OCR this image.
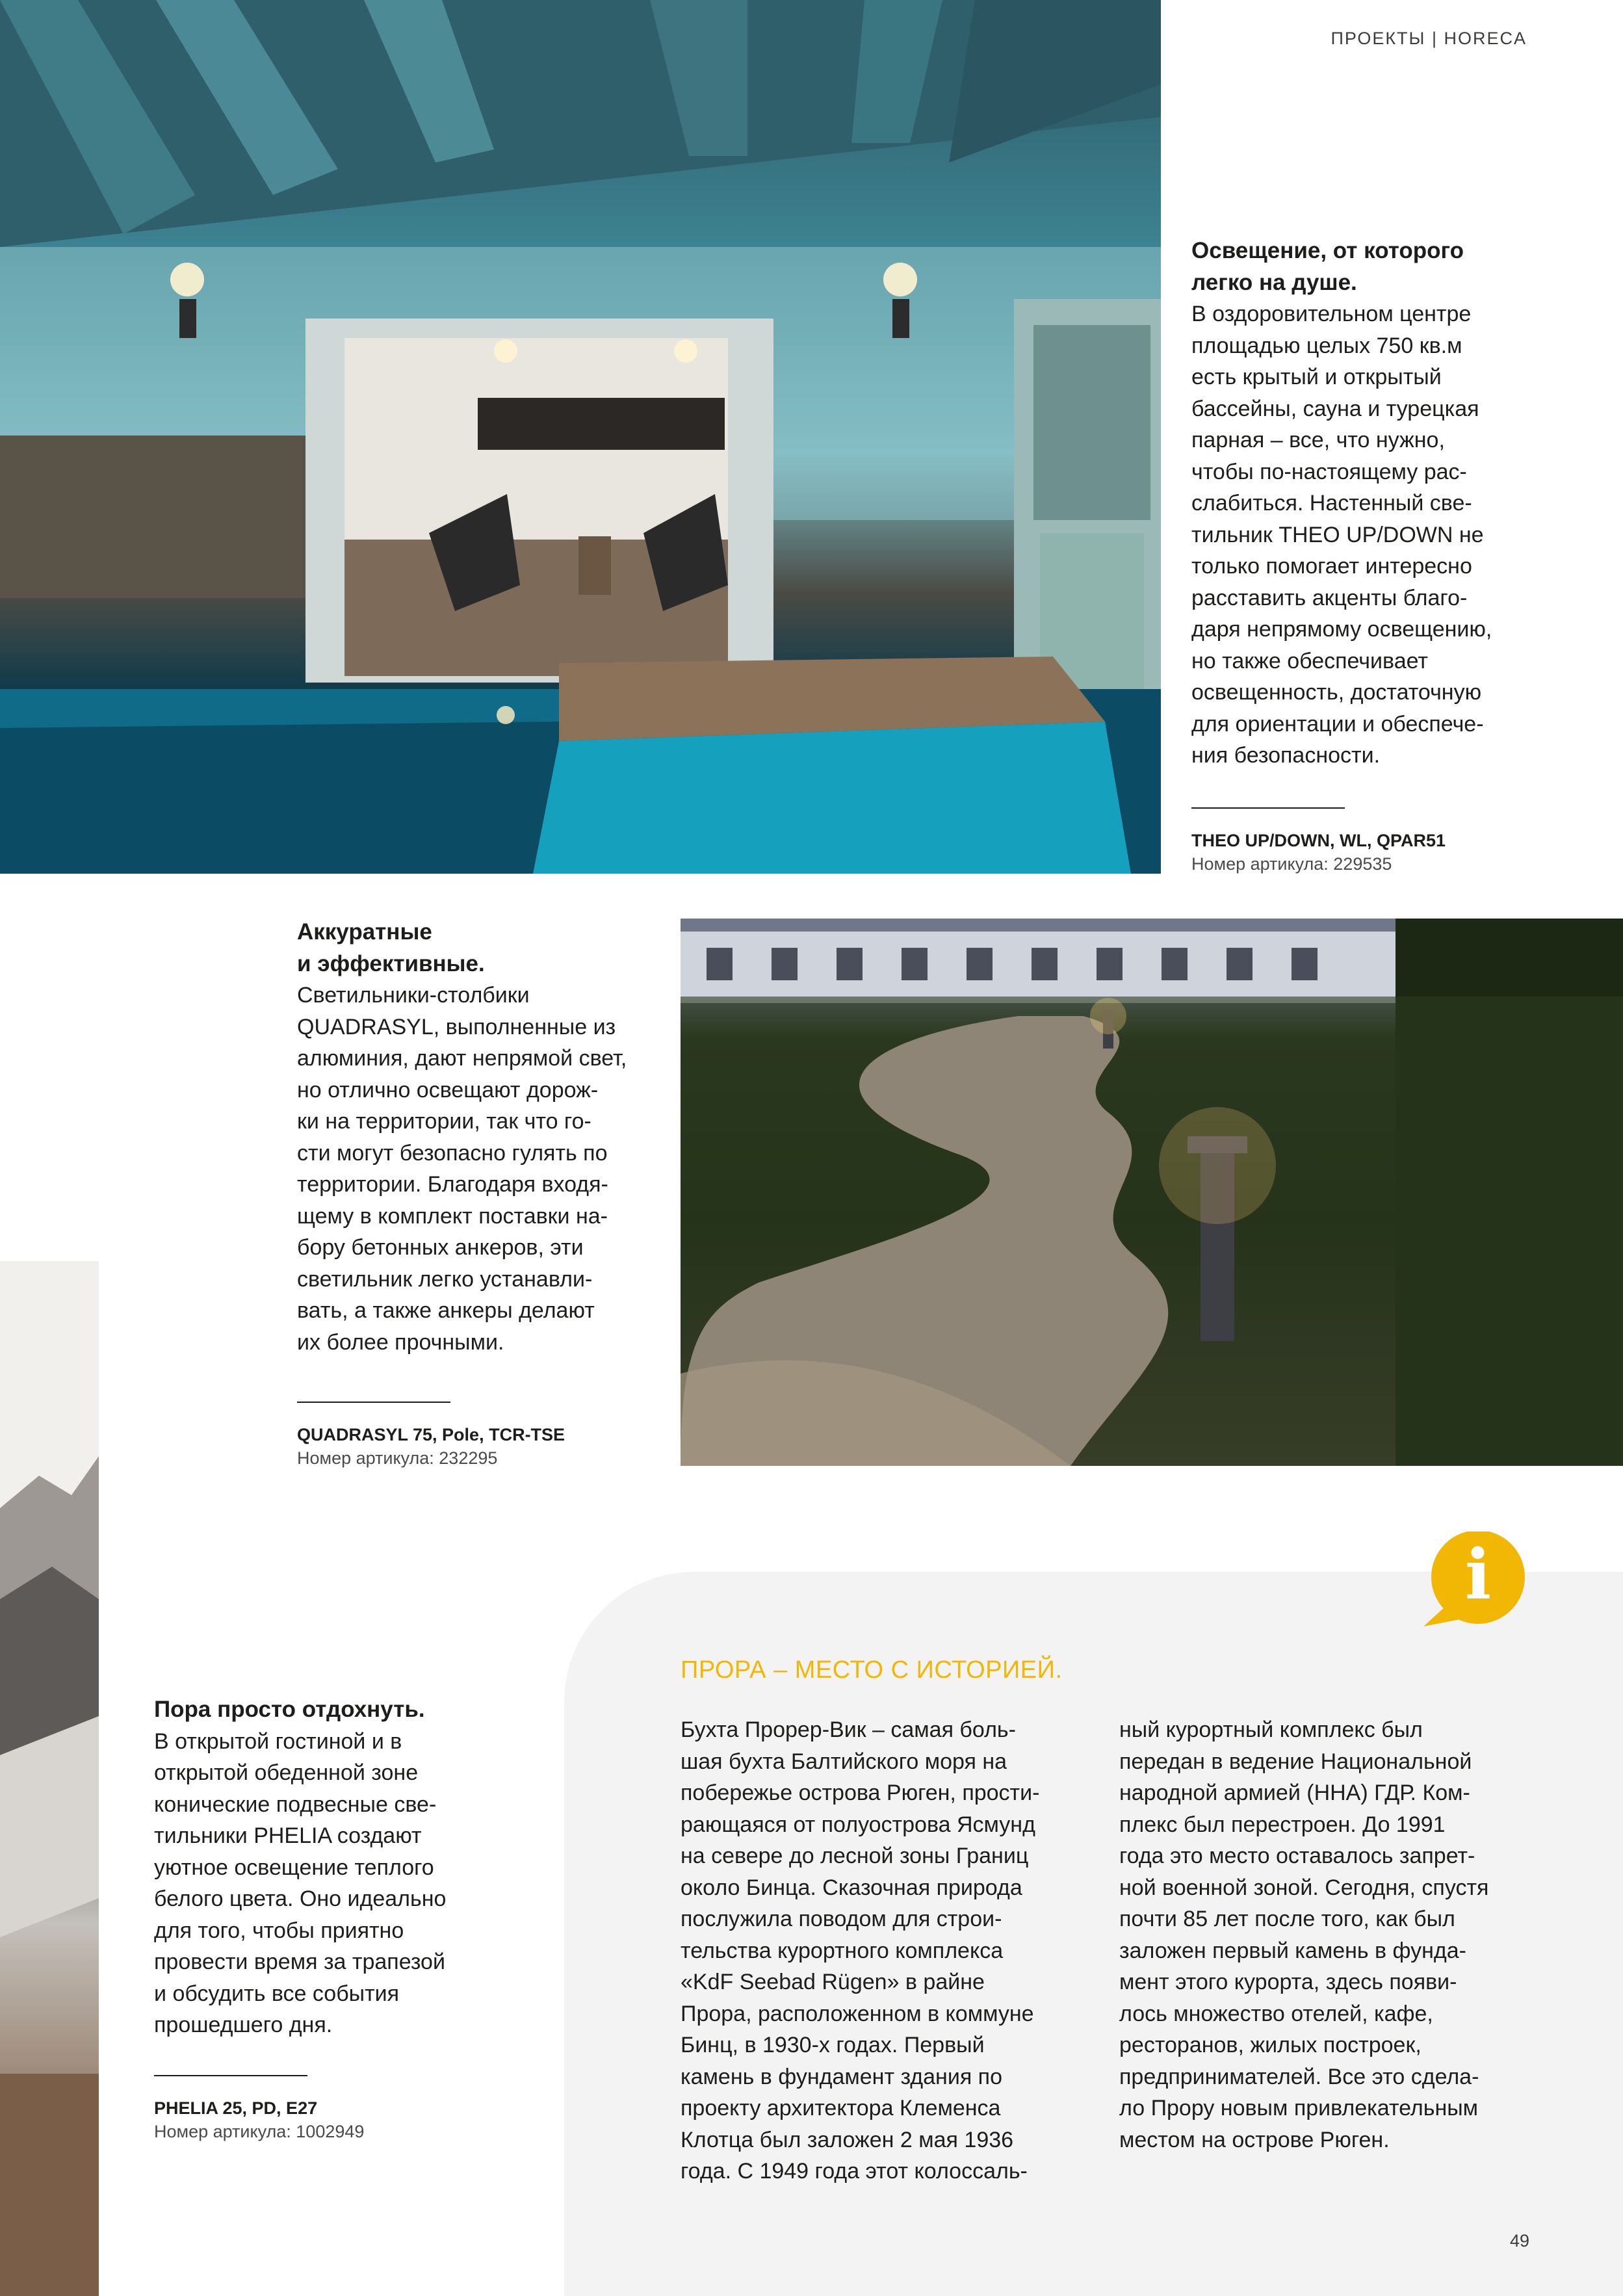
ПРОЕКТЫ | HORECA
Освещение, от которого
легко на душе.

В оздоровительном центре
площадью целых 750 кв.м
есть крытый и открытый
бассейны, сауна и турецкая
парная – все, что нужно,
чтобы по-настоящему рас-
слабиться. Настенный све-
тильник THEO UP/DOWN не
только помогает интересно
расставить акценты благо-
даря непрямому освещению,
но также обеспечивает
освещенность, достаточную
для ориентации и обеспече-
ния безопасности.

THEO UP/DOWN, WL, QPAR51
Номер артикула: 229535
Аккуратные
и эффективные.

Светильники-столбики
QUADRASYL, выполненные из
алюминия, дают непрямой свет,
но отлично освещают дорож-
ки на территории, так что го-
сти могут безопасно гулять по
территории. Благодаря входя-
щему в комплект поставки на-
бору бетонных анкеров, эти
светильник легко устанавли-
вать, а также анкеры делают
их более прочными.

QUADRASYL 75, Pole, TCR-TSE
Номер артикула: 232295
i
ПРОРА – МЕСТО С ИСТОРИЕЙ.

Бухта Прорер-Вик – самая боль-
шая бухта Балтийского моря на
побережье острова Рюген, прости-
рающаяся от полуострова Ясмунд
на севере до лесной зоны Границ
около Бинца. Сказочная природа
послужила поводом для строи-
тельства курортного комплекса
«KdF Seebad Rügen» в райне
Прора, расположенном в коммуне
Бинц, в 1930-х годах. Первый
камень в фундамент здания по
проекту архитектора Клеменса
Клотца был заложен 2 мая 1936
года. С 1949 года этот колоссаль-

ный курортный комплекс был
передан в ведение Национальной
народной армией (ННА) ГДР. Ком-
плекс был перестроен. До 1991
года это место оставалось запрет-
ной военной зоной. Сегодня, спустя
почти 85 лет после того, как был
заложен первый камень в фунда-
мент этого курорта, здесь появи-
лось множество отелей, кафе,
ресторанов, жилых построек,
предпринимателей. Все это сдела-
ло Прору новым привлекательным
местом на острове Рюген.

Пора просто отдохнуть.

В открытой гостиной и в
открытой обеденной зоне
конические подвесные све-
тильники PHELIA создают
уютное освещение теплого
белого цвета. Оно идеально
для того, чтобы приятно
провести время за трапезой
и обсудить все события
прошедшего дня.

PHELIA 25, PD, E27
Номер артикула: 1002949
49
